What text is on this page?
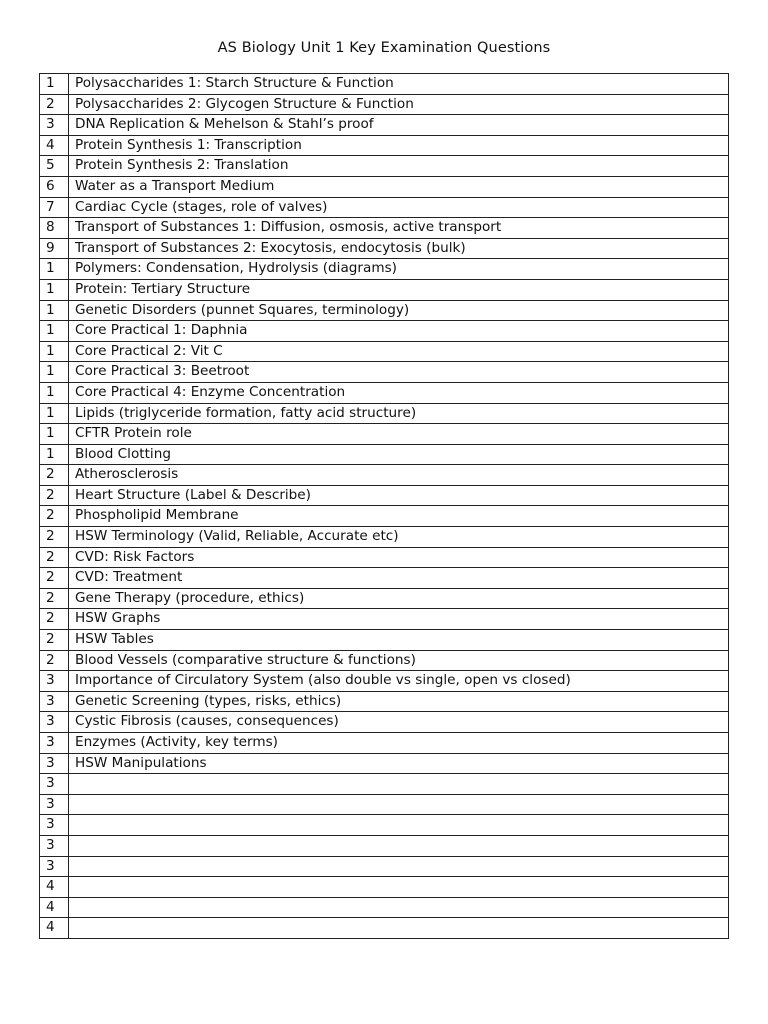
AS Biology Unit 1 Key Examination Questions
1	Polysaccharides 1: Starch Structure & Function
2	Polysaccharides 2: Glycogen Structure & Function
3	DNA Replication & Mehelson & Stahl’s proof
4	Protein Synthesis 1: Transcription
5	Protein Synthesis 2: Translation
6	Water as a Transport Medium
7	Cardiac Cycle (stages, role of valves)
8	Transport of Substances 1: Diffusion, osmosis, active transport
9	Transport of Substances 2: Exocytosis, endocytosis (bulk)
1	Polymers: Condensation, Hydrolysis (diagrams)
1	Protein: Tertiary Structure
1	Genetic Disorders (punnet Squares, terminology)
1	Core Practical 1: Daphnia
1	Core Practical 2: Vit C
1	Core Practical 3: Beetroot
1	Core Practical 4: Enzyme Concentration
1	Lipids (triglyceride formation, fatty acid structure)
1	CFTR Protein role
1	Blood Clotting
2	Atherosclerosis
2	Heart Structure (Label & Describe)
2	Phospholipid Membrane
2	HSW Terminology (Valid, Reliable, Accurate etc)
2	CVD: Risk Factors
2	CVD: Treatment
2	Gene Therapy (procedure, ethics)
2	HSW Graphs
2	HSW Tables
2	Blood Vessels (comparative structure & functions)
3	Importance of Circulatory System (also double vs single, open vs closed)
3	Genetic Screening (types, risks, ethics)
3	Cystic Fibrosis (causes, consequences)
3	Enzymes (Activity, key terms)
3	HSW Manipulations
3	
3	
3	
3	
3	
4	
4	
4	
